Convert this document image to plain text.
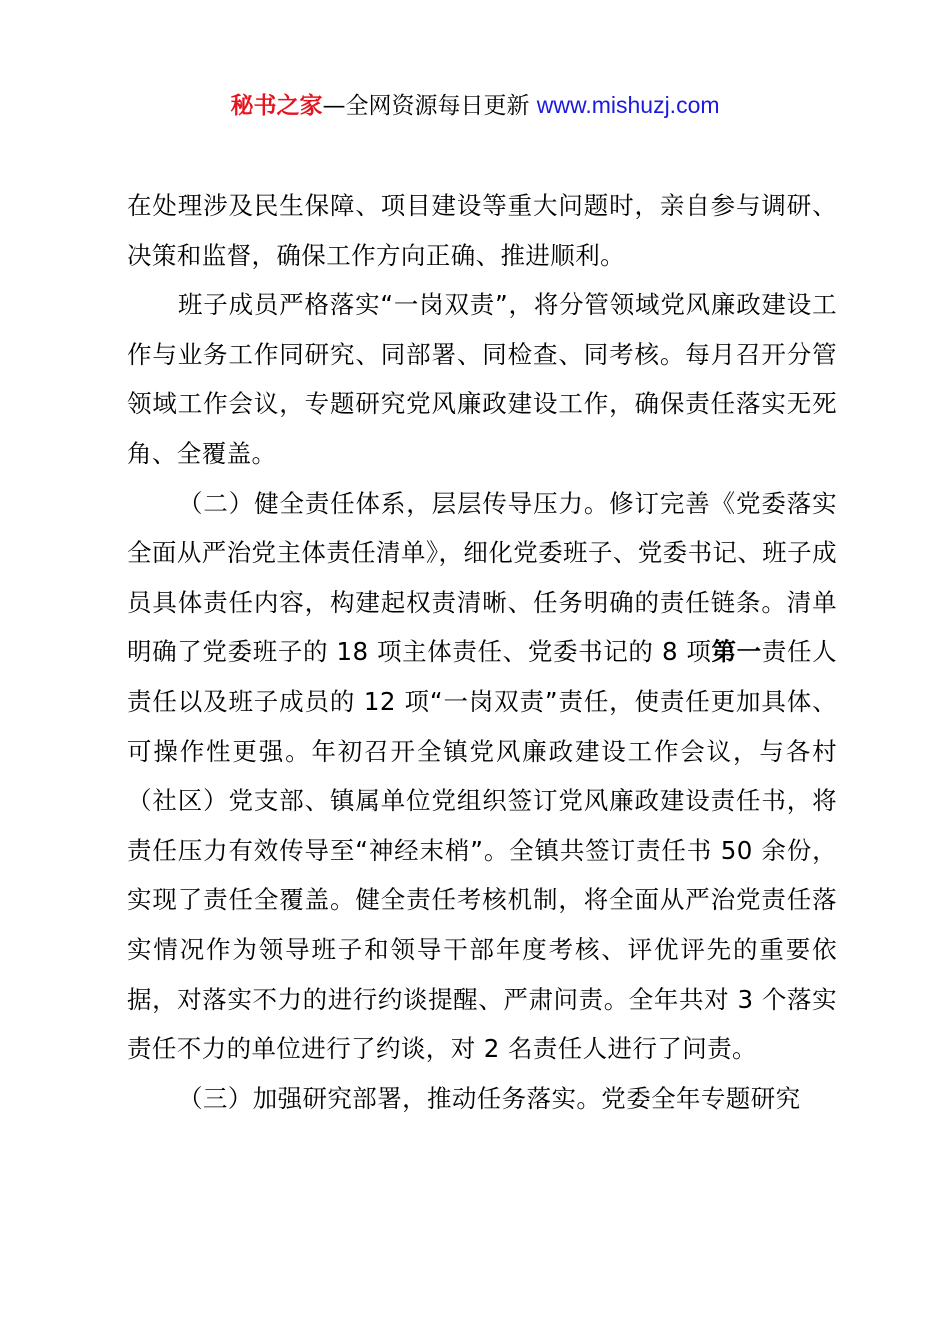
秘书之家—全网资源每日更新 www.mishuzj.com

在处理涉及民生保障、项目建设等重大问题时，亲自参与调研、决策和监督，确保工作方向正确、推进顺利。

班子成员严格落实“一岗双责”，将分管领域党风廉政建设工作与业务工作同研究、同部署、同检查、同考核。每月召开分管领域工作会议，专题研究党风廉政建设工作，确保责任落实无死角、全覆盖。

（二）健全责任体系，层层传导压力。修订完善《党委落实全面从严治党主体责任清单》，细化党委班子、党委书记、班子成员具体责任内容，构建起权责清晰、任务明确的责任链条。清单明确了党委班子的 18 项主体责任、党委书记的 8 项第一责任人责任以及班子成员的 12 项“一岗双责”责任，使责任更加具体、可操作性更强。年初召开全镇党风廉政建设工作会议，与各村（社区）党支部、镇属单位党组织签订党风廉政建设责任书，将责任压力有效传导至“神经末梢”。全镇共签订责任书 50 余份，实现了责任全覆盖。健全责任考核机制，将全面从严治党责任落实情况作为领导班子和领导干部年度考核、评优评先的重要依据，对落实不力的进行约谈提醒、严肃问责。全年共对 3 个落实责任不力的单位进行了约谈，对 2 名责任人进行了问责。

（三）加强研究部署，推动任务落实。党委全年专题研究
